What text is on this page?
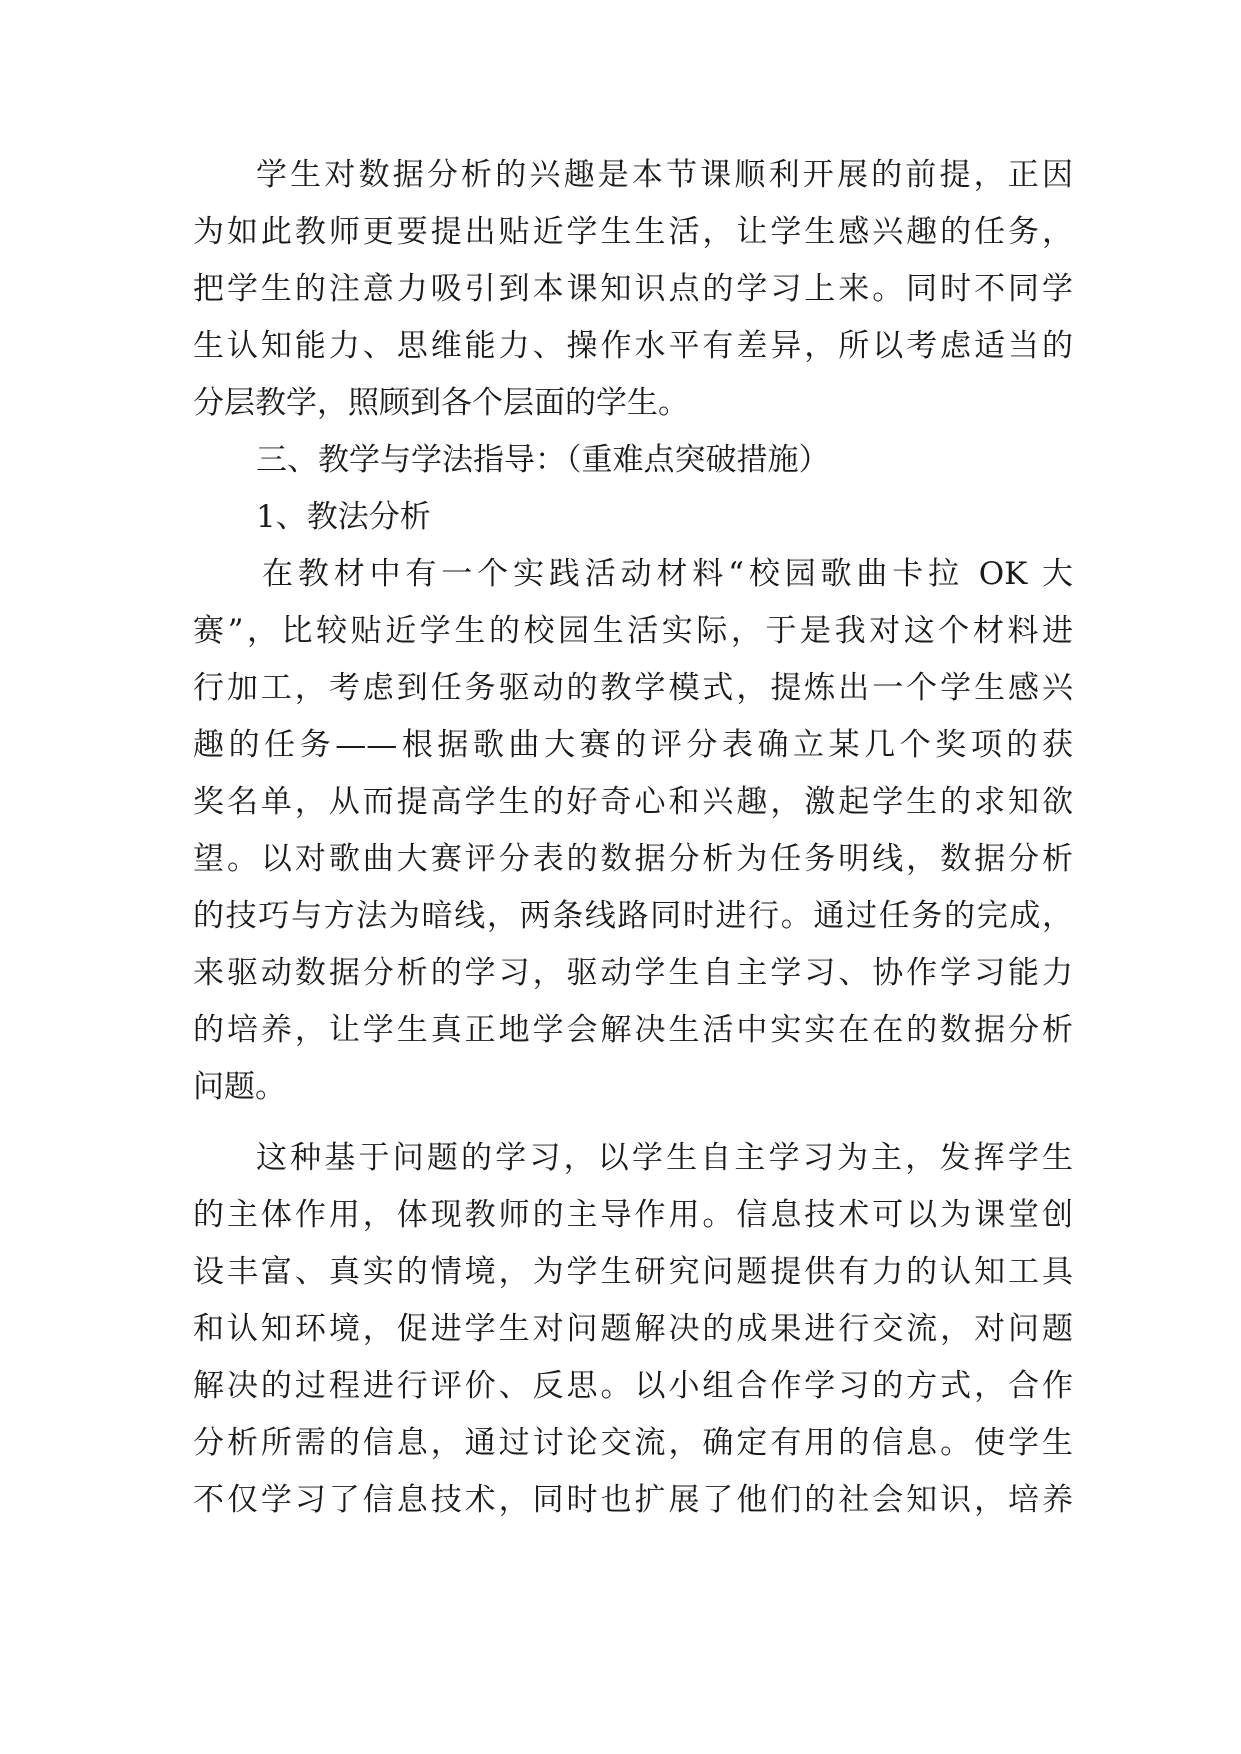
学生对数据分析的兴趣是本节课顺利开展的前提，正因
为如此教师更要提出贴近学生生活，让学生感兴趣的任务，
把学生的注意力吸引到本课知识点的学习上来。同时不同学
生认知能力、思维能力、操作水平有差异，所以考虑适当的
分层教学，照顾到各个层面的学生。
三、教学与学法指导：（重难点突破措施）
1、教法分析
在教材中有一个实践活动材料“校园歌曲卡拉 OK 大
赛”，比较贴近学生的校园生活实际，于是我对这个材料进
行加工，考虑到任务驱动的教学模式，提炼出一个学生感兴
趣的任务——根据歌曲大赛的评分表确立某几个奖项的获
奖名单，从而提高学生的好奇心和兴趣，激起学生的求知欲
望。以对歌曲大赛评分表的数据分析为任务明线，数据分析
的技巧与方法为暗线，两条线路同时进行。通过任务的完成，
来驱动数据分析的学习，驱动学生自主学习、协作学习能力
的培养，让学生真正地学会解决生活中实实在在的数据分析
问题。
这种基于问题的学习，以学生自主学习为主，发挥学生
的主体作用，体现教师的主导作用。信息技术可以为课堂创
设丰富、真实的情境，为学生研究问题提供有力的认知工具
和认知环境，促进学生对问题解决的成果进行交流，对问题
解决的过程进行评价、反思。以小组合作学习的方式，合作
分析所需的信息，通过讨论交流，确定有用的信息。使学生
不仅学习了信息技术，同时也扩展了他们的社会知识，培养
